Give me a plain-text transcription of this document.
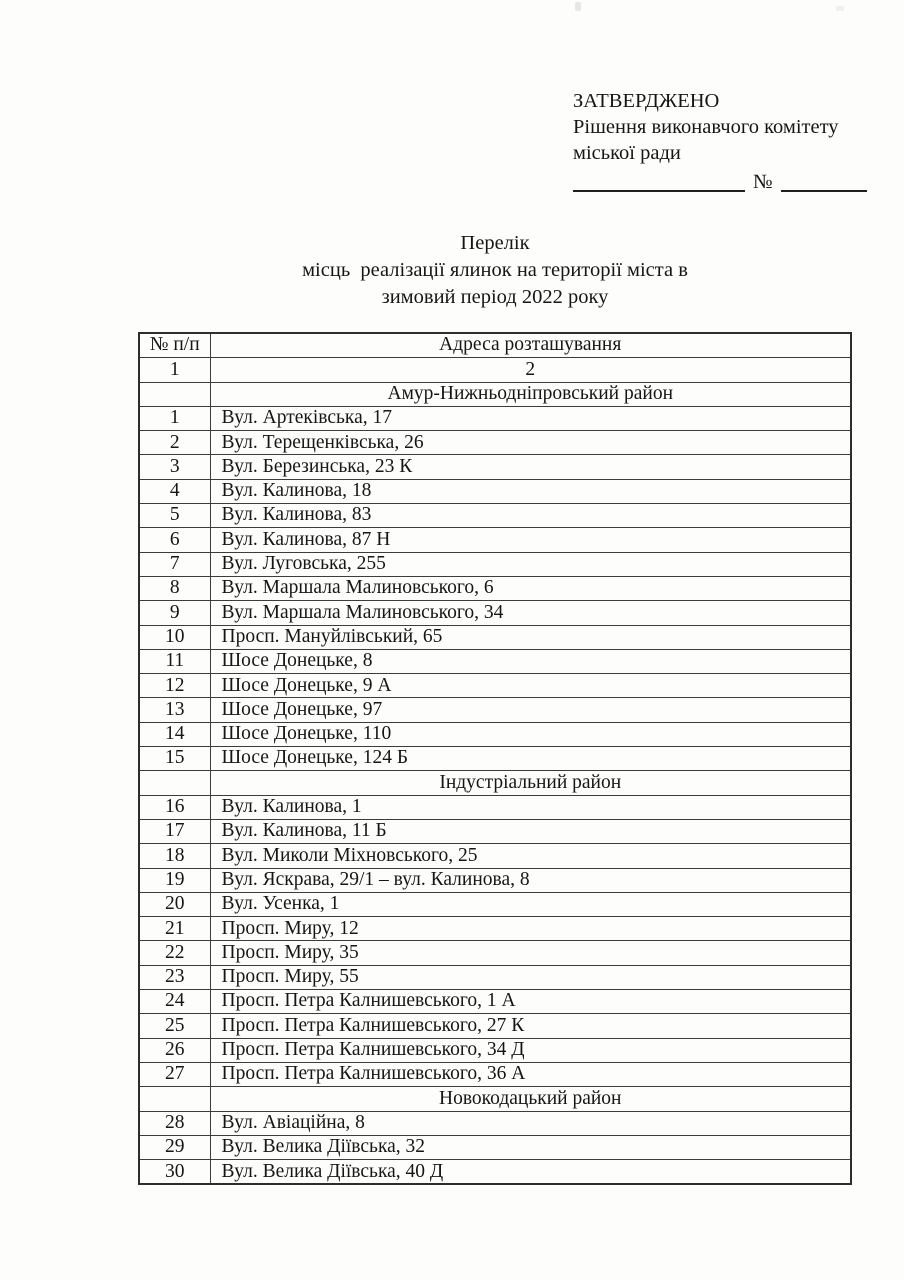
ЗАТВЕРДЖЕНО
Рішення виконавчого комітету
міської ради
№
Перелік
місць  реалізації ялинок на території міста в
зимовий період 2022 року
№ п/п	Адреса розташування
1	2
	Амур-Нижньодніпровський район
1	Вул. Артеківська, 17
2	Вул. Терещенківська, 26
3	Вул. Березинська, 23 К
4	Вул. Калинова, 18
5	Вул. Калинова, 83
6	Вул. Калинова, 87 Н
7	Вул. Луговська, 255
8	Вул. Маршала Малиновського, 6
9	Вул. Маршала Малиновського, 34
10	Просп. Мануйлівський, 65
11	Шосе Донецьке, 8
12	Шосе Донецьке, 9 А
13	Шосе Донецьке, 97
14	Шосе Донецьке, 110
15	Шосе Донецьке, 124 Б
	Індустріальний район
16	Вул. Калинова, 1
17	Вул. Калинова, 11 Б
18	Вул. Миколи Міхновського, 25
19	Вул. Яскрава, 29/1 – вул. Калинова, 8
20	Вул. Усенка, 1
21	Просп. Миру, 12
22	Просп. Миру, 35
23	Просп. Миру, 55
24	Просп. Петра Калнишевського, 1 А
25	Просп. Петра Калнишевського, 27 К
26	Просп. Петра Калнишевського, 34 Д
27	Просп. Петра Калнишевського, 36 А
	Новокодацький район
28	Вул. Авіаційна, 8
29	Вул. Велика Діївська, 32
30	Вул. Велика Діївська, 40 Д
